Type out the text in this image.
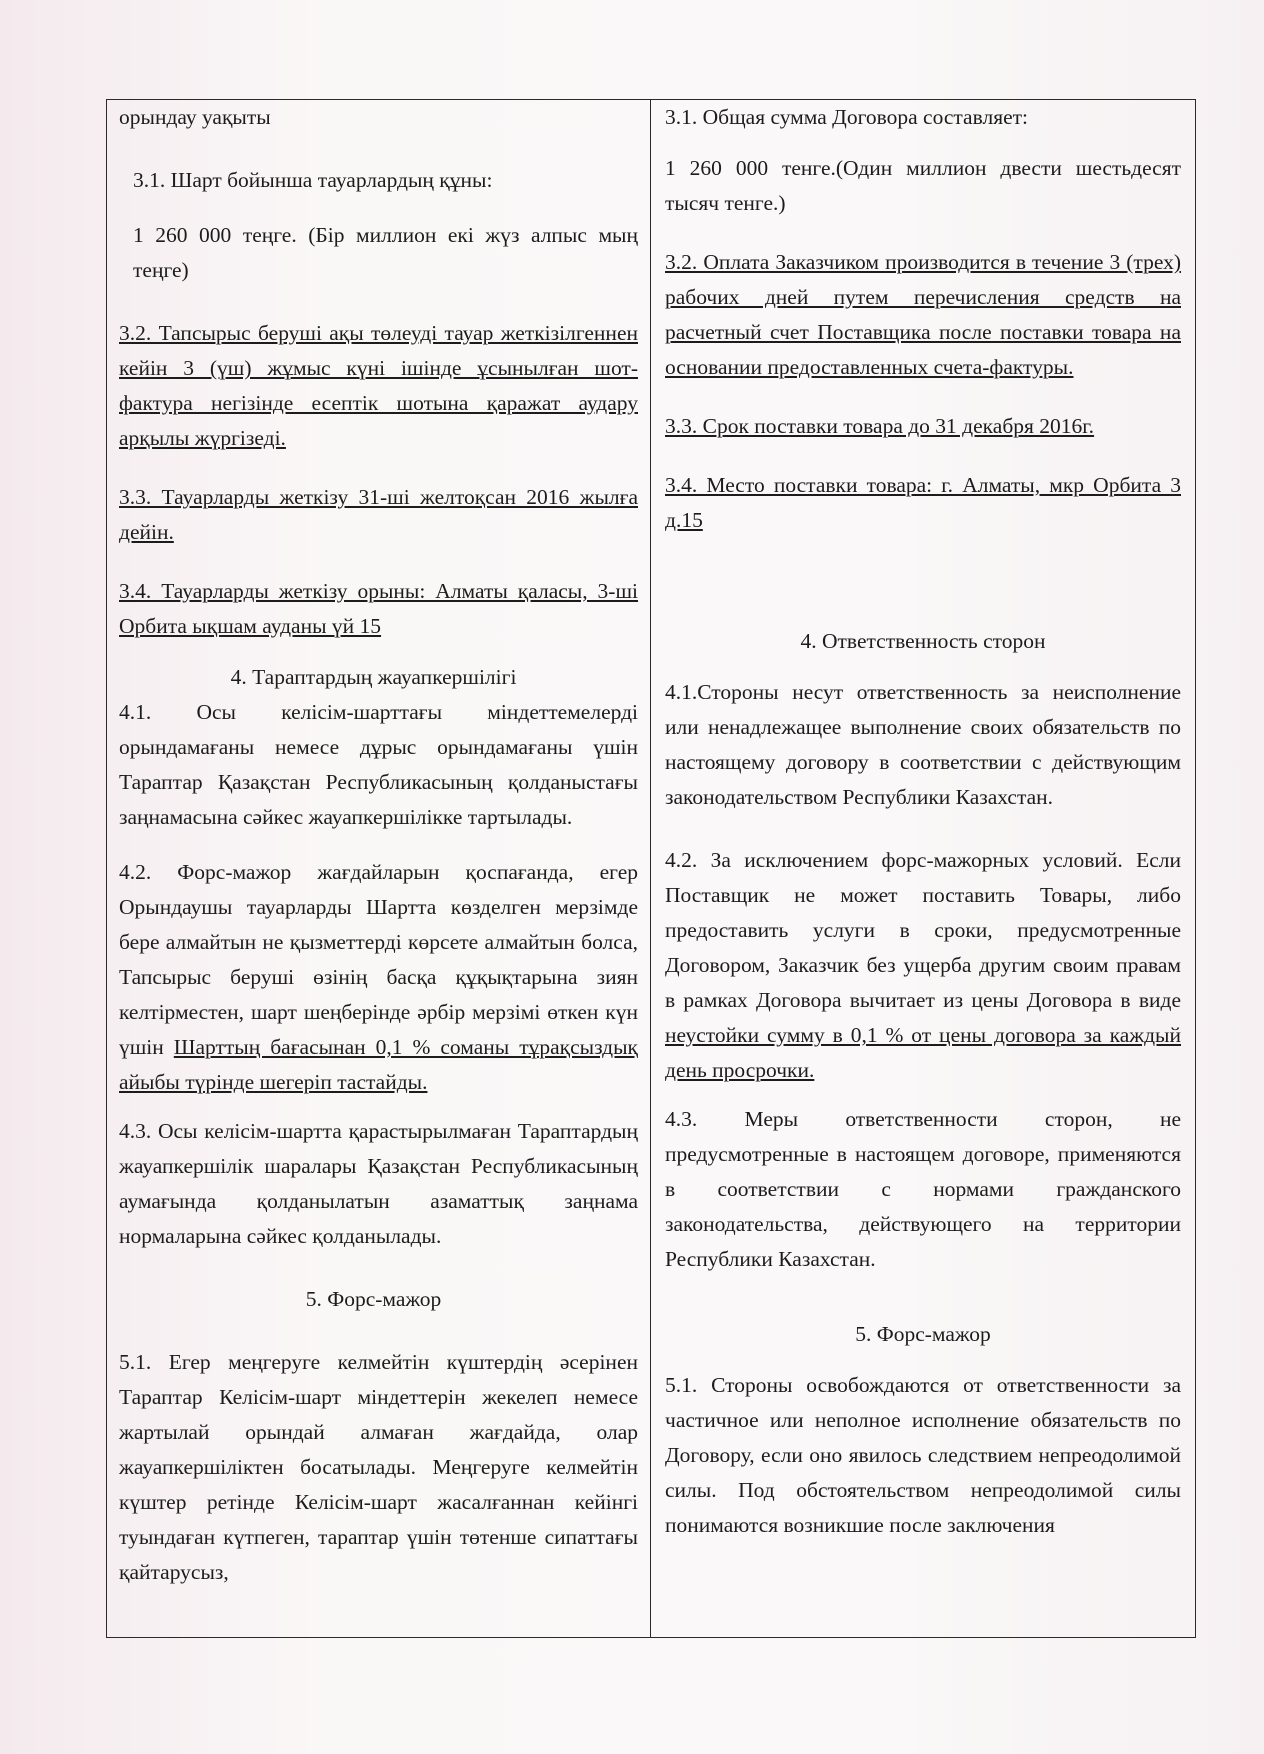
орындау уақыты

3.1. Шарт бойынша тауарлардың құны:

1 260 000 теңге. (Бір миллион екі жүз алпыс мың теңге)

3.2. Тапсырыс беруші ақы төлеуді тауар жеткізілгеннен кейін 3 (үш) жұмыс күні ішінде ұсынылған шот-фактура негізінде есептік шотына қаражат аудару арқылы жүргізеді.

3.3. Тауарларды жеткізу 31-ші желтоқсан 2016 жылға дейін.

3.4. Тауарларды жеткізу орыны: Алматы қаласы, 3-ші Орбита ықшам ауданы үй 15

4. Тараптардың жауапкершілігі

4.1. Осы келісім-шарттағы міндеттемелерді орындамағаны немесе дұрыс орындамағаны үшін Тараптар Қазақстан Республикасының қолданыстағы заңнамасына сәйкес жауапкершілікке тартылады.

4.2. Форс-мажор жағдайларын қоспағанда, егер Орындаушы тауарларды Шартта көзделген мерзімде бере алмайтын не қызметтерді көрсете алмайтын болса, Тапсырыс беруші өзінің басқа құқықтарына зиян келтірместен, шарт шеңберінде әрбір мерзімі өткен күн үшін Шарттың бағасынан 0,1 % соманы тұрақсыздық айыбы түрінде шегеріп тастайды.

4.3. Осы келісім-шартта қарастырылмаған Тараптардың жауапкершілік шаралары Қазақстан Республикасының аумағында қолданылатын азаматтық заңнама нормаларына сәйкес қолданылады.

5. Форс-мажор

5.1. Егер меңгеруге келмейтін күштердің әсерінен Тараптар Келісім-шарт міндеттерін жекелеп немесе жартылай орындай алмаған жағдайда, олар жауапкершіліктен босатылады. Меңгеруге келмейтін күштер ретінде Келісім-шарт жасалғаннан кейінгі туындаған күтпеген, тараптар үшін төтенше сипаттағы қайтарусыз,

3.1. Общая сумма Договора составляет:

1 260 000 тенге.(Один миллион двести шестьдесят тысяч тенге.)

3.2. Оплата Заказчиком производится в течение 3 (трех) рабочих дней путем перечисления средств на расчетный счет Поставщика после поставки товара на основании предоставленных счета-фактуры.

3.3. Срок поставки товара до 31 декабря 2016г.

3.4. Место поставки товара: г. Алматы, мкр Орбита 3 д.15

4. Ответственность сторон

4.1.Стороны несут ответственность за неисполнение или ненадлежащее выполнение своих обязательств по настоящему договору в соответствии с действующим законодательством Республики Казахстан.

4.2. За исключением форс-мажорных условий. Если Поставщик не может поставить Товары, либо предоставить услуги в сроки, предусмотренные Договором, Заказчик без ущерба другим своим правам в рамках Договора вычитает из цены Договора в виде неустойки сумму в 0,1 % от цены договора за каждый день просрочки.

4.3. Меры ответственности сторон, не предусмотренные в настоящем договоре, применяются в соответствии с нормами гражданского законодательства, действующего на территории Республики Казахстан.

5. Форс-мажор

5.1. Стороны освобождаются от ответственности за частичное или неполное исполнение обязательств по Договору, если оно явилось следствием непреодолимой силы. Под обстоятельством непреодолимой силы понимаются возникшие после заключения
